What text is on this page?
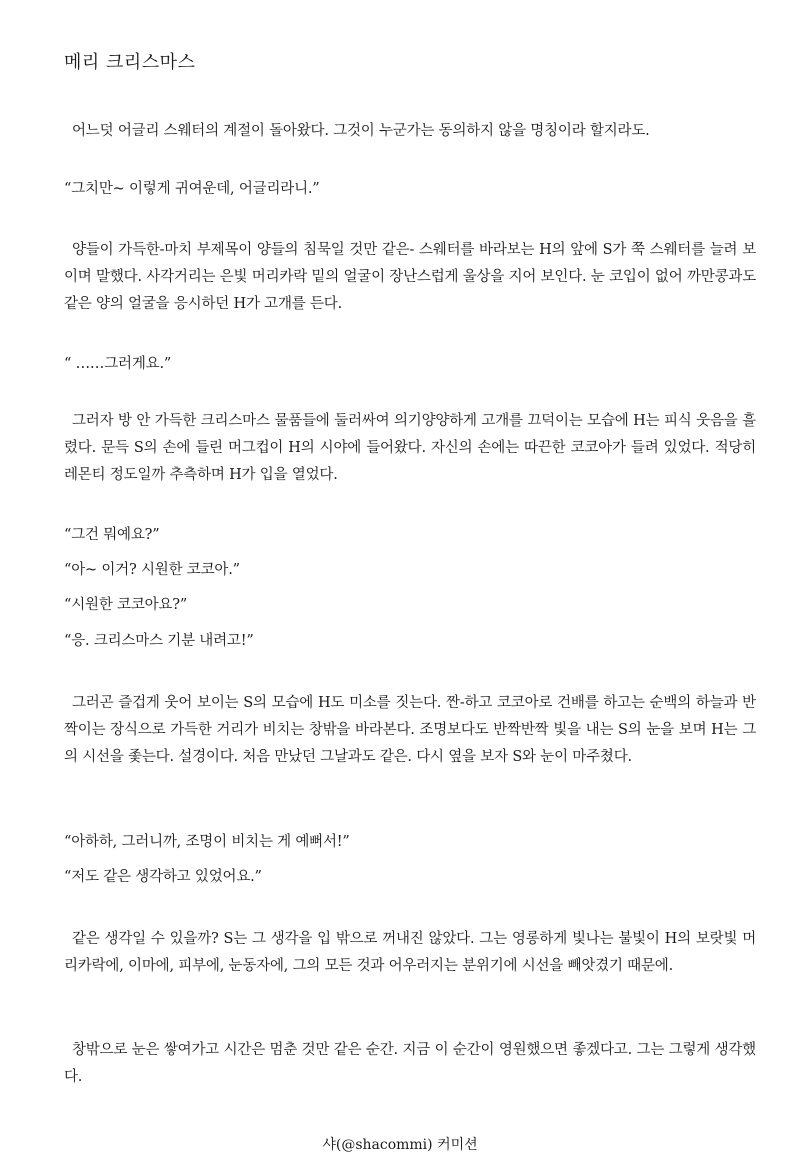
메리 크리스마스

어느덧 어글리 스웨터의 계절이 돌아왔다. 그것이 누군가는 동의하지 않을 명칭이라 할지라도.

“그치만~ 이렇게 귀여운데, 어글리라니.”

양들이 가득한-마치 부제목이 양들의 침묵일 것만 같은- 스웨터를 바라보는 H의 앞에 S가 쭉 스웨터를 늘려 보이며 말했다. 사각거리는 은빛 머리카락 밑의 얼굴이 장난스럽게 울상을 지어 보인다. 눈 코입이 없어 까만콩과도 같은 양의 얼굴을 응시하던 H가 고개를 든다.

“ ……그러게요.”

그러자 방 안 가득한 크리스마스 물품들에 둘러싸여 의기양양하게 고개를 끄덕이는 모습에 H는 피식 웃음을 흘렸다. 문득 S의 손에 들린 머그컵이 H의 시야에 들어왔다. 자신의 손에는 따끈한 코코아가 들려 있었다. 적당히 레몬티 정도일까 추측하며 H가 입을 열었다.

“그건 뭐예요?”

“아~ 이거? 시원한 코코아.”

“시원한 코코아요?”

“응. 크리스마스 기분 내려고!”

그러곤 즐겁게 웃어 보이는 S의 모습에 H도 미소를 짓는다. 짠-하고 코코아로 건배를 하고는 순백의 하늘과 반짝이는 장식으로 가득한 거리가 비치는 창밖을 바라본다. 조명보다도 반짝반짝 빛을 내는 S의 눈을 보며 H는 그의 시선을 좇는다. 설경이다. 처음 만났던 그날과도 같은. 다시 옆을 보자 S와 눈이 마주쳤다.

“아하하, 그러니까, 조명이 비치는 게 예뻐서!”

“저도 같은 생각하고 있었어요.”

같은 생각일 수 있을까? S는 그 생각을 입 밖으로 꺼내진 않았다. 그는 영롱하게 빛나는 불빛이 H의 보랏빛 머리카락에, 이마에, 피부에, 눈동자에, 그의 모든 것과 어우러지는 분위기에 시선을 빼앗겼기 때문에.

창밖으로 눈은 쌓여가고 시간은 멈춘 것만 같은 순간. 지금 이 순간이 영원했으면 좋겠다고. 그는 그렇게 생각했다.

샤(@shacommi) 커미션
